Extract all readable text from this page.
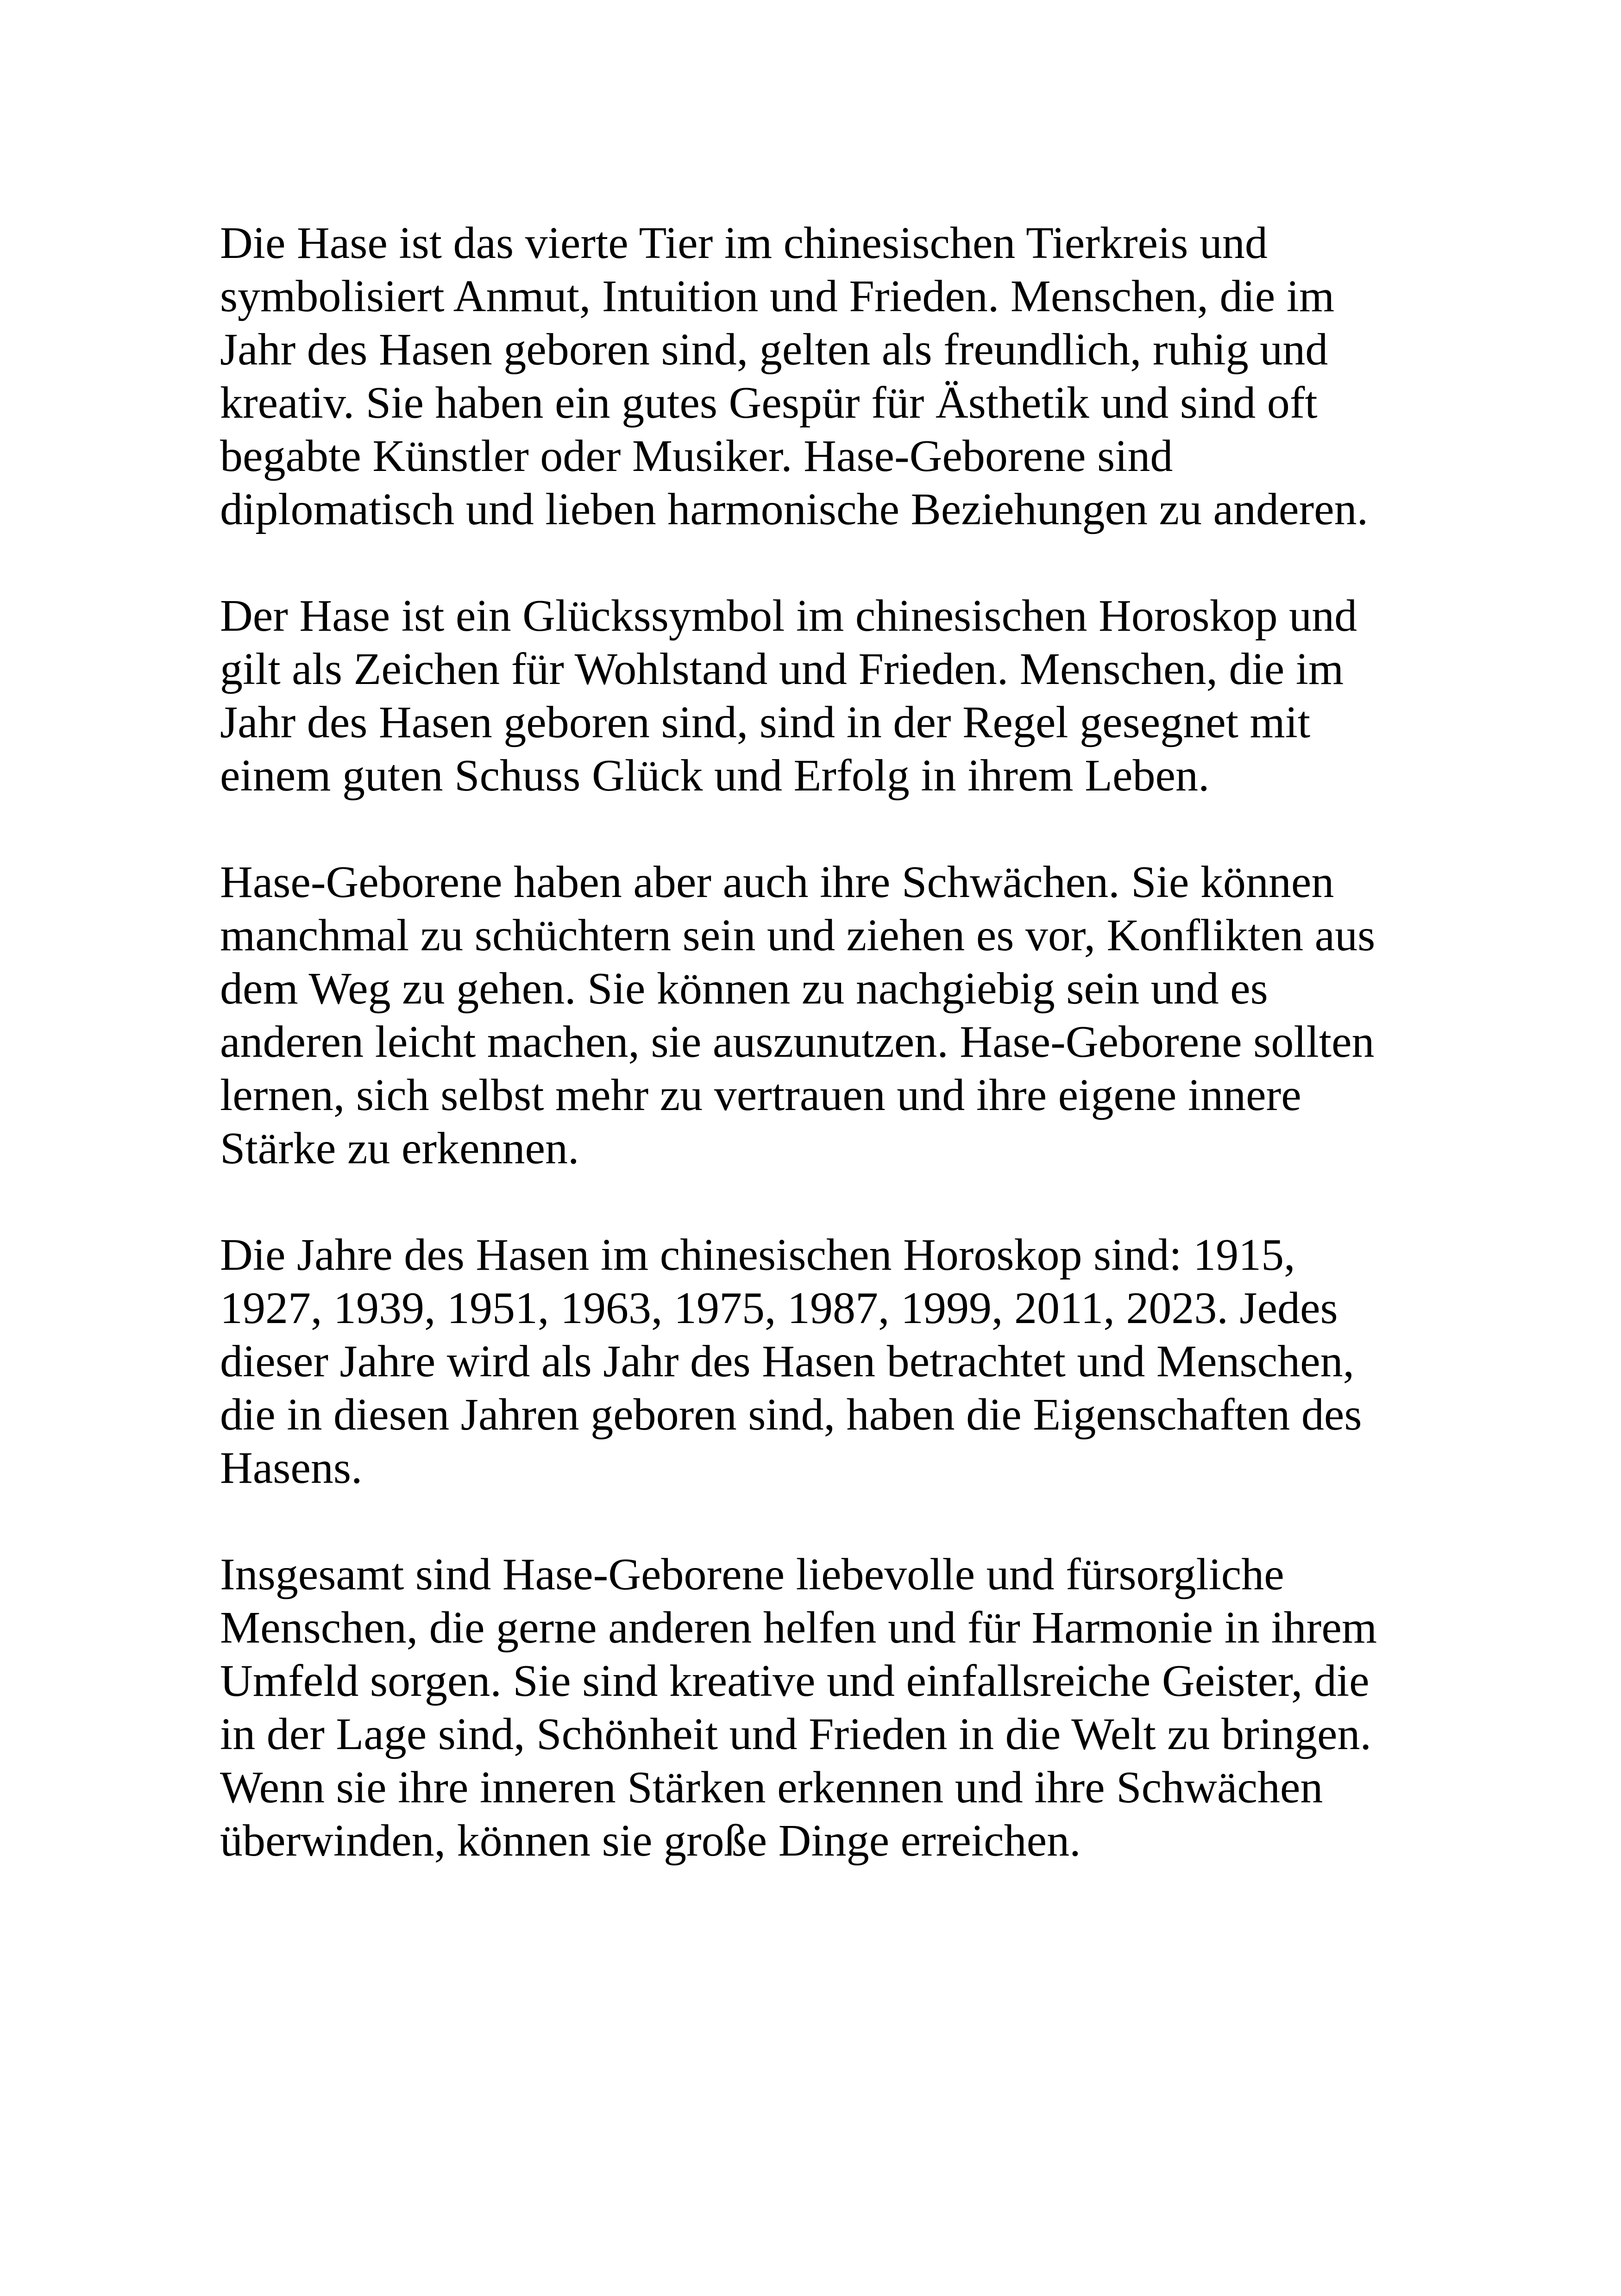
Die Hase ist das vierte Tier im chinesischen Tierkreis und
symbolisiert Anmut, Intuition und Frieden. Menschen, die im
Jahr des Hasen geboren sind, gelten als freundlich, ruhig und
kreativ. Sie haben ein gutes Gespür für Ästhetik und sind oft
begabte Künstler oder Musiker. Hase-Geborene sind
diplomatisch und lieben harmonische Beziehungen zu anderen.

Der Hase ist ein Glückssymbol im chinesischen Horoskop und
gilt als Zeichen für Wohlstand und Frieden. Menschen, die im
Jahr des Hasen geboren sind, sind in der Regel gesegnet mit
einem guten Schuss Glück und Erfolg in ihrem Leben.

Hase-Geborene haben aber auch ihre Schwächen. Sie können
manchmal zu schüchtern sein und ziehen es vor, Konflikten aus
dem Weg zu gehen. Sie können zu nachgiebig sein und es
anderen leicht machen, sie auszunutzen. Hase-Geborene sollten
lernen, sich selbst mehr zu vertrauen und ihre eigene innere
Stärke zu erkennen.

Die Jahre des Hasen im chinesischen Horoskop sind: 1915,
1927, 1939, 1951, 1963, 1975, 1987, 1999, 2011, 2023. Jedes
dieser Jahre wird als Jahr des Hasen betrachtet und Menschen,
die in diesen Jahren geboren sind, haben die Eigenschaften des
Hasens.

Insgesamt sind Hase-Geborene liebevolle und fürsorgliche
Menschen, die gerne anderen helfen und für Harmonie in ihrem
Umfeld sorgen. Sie sind kreative und einfallsreiche Geister, die
in der Lage sind, Schönheit und Frieden in die Welt zu bringen.
Wenn sie ihre inneren Stärken erkennen und ihre Schwächen
überwinden, können sie große Dinge erreichen.
